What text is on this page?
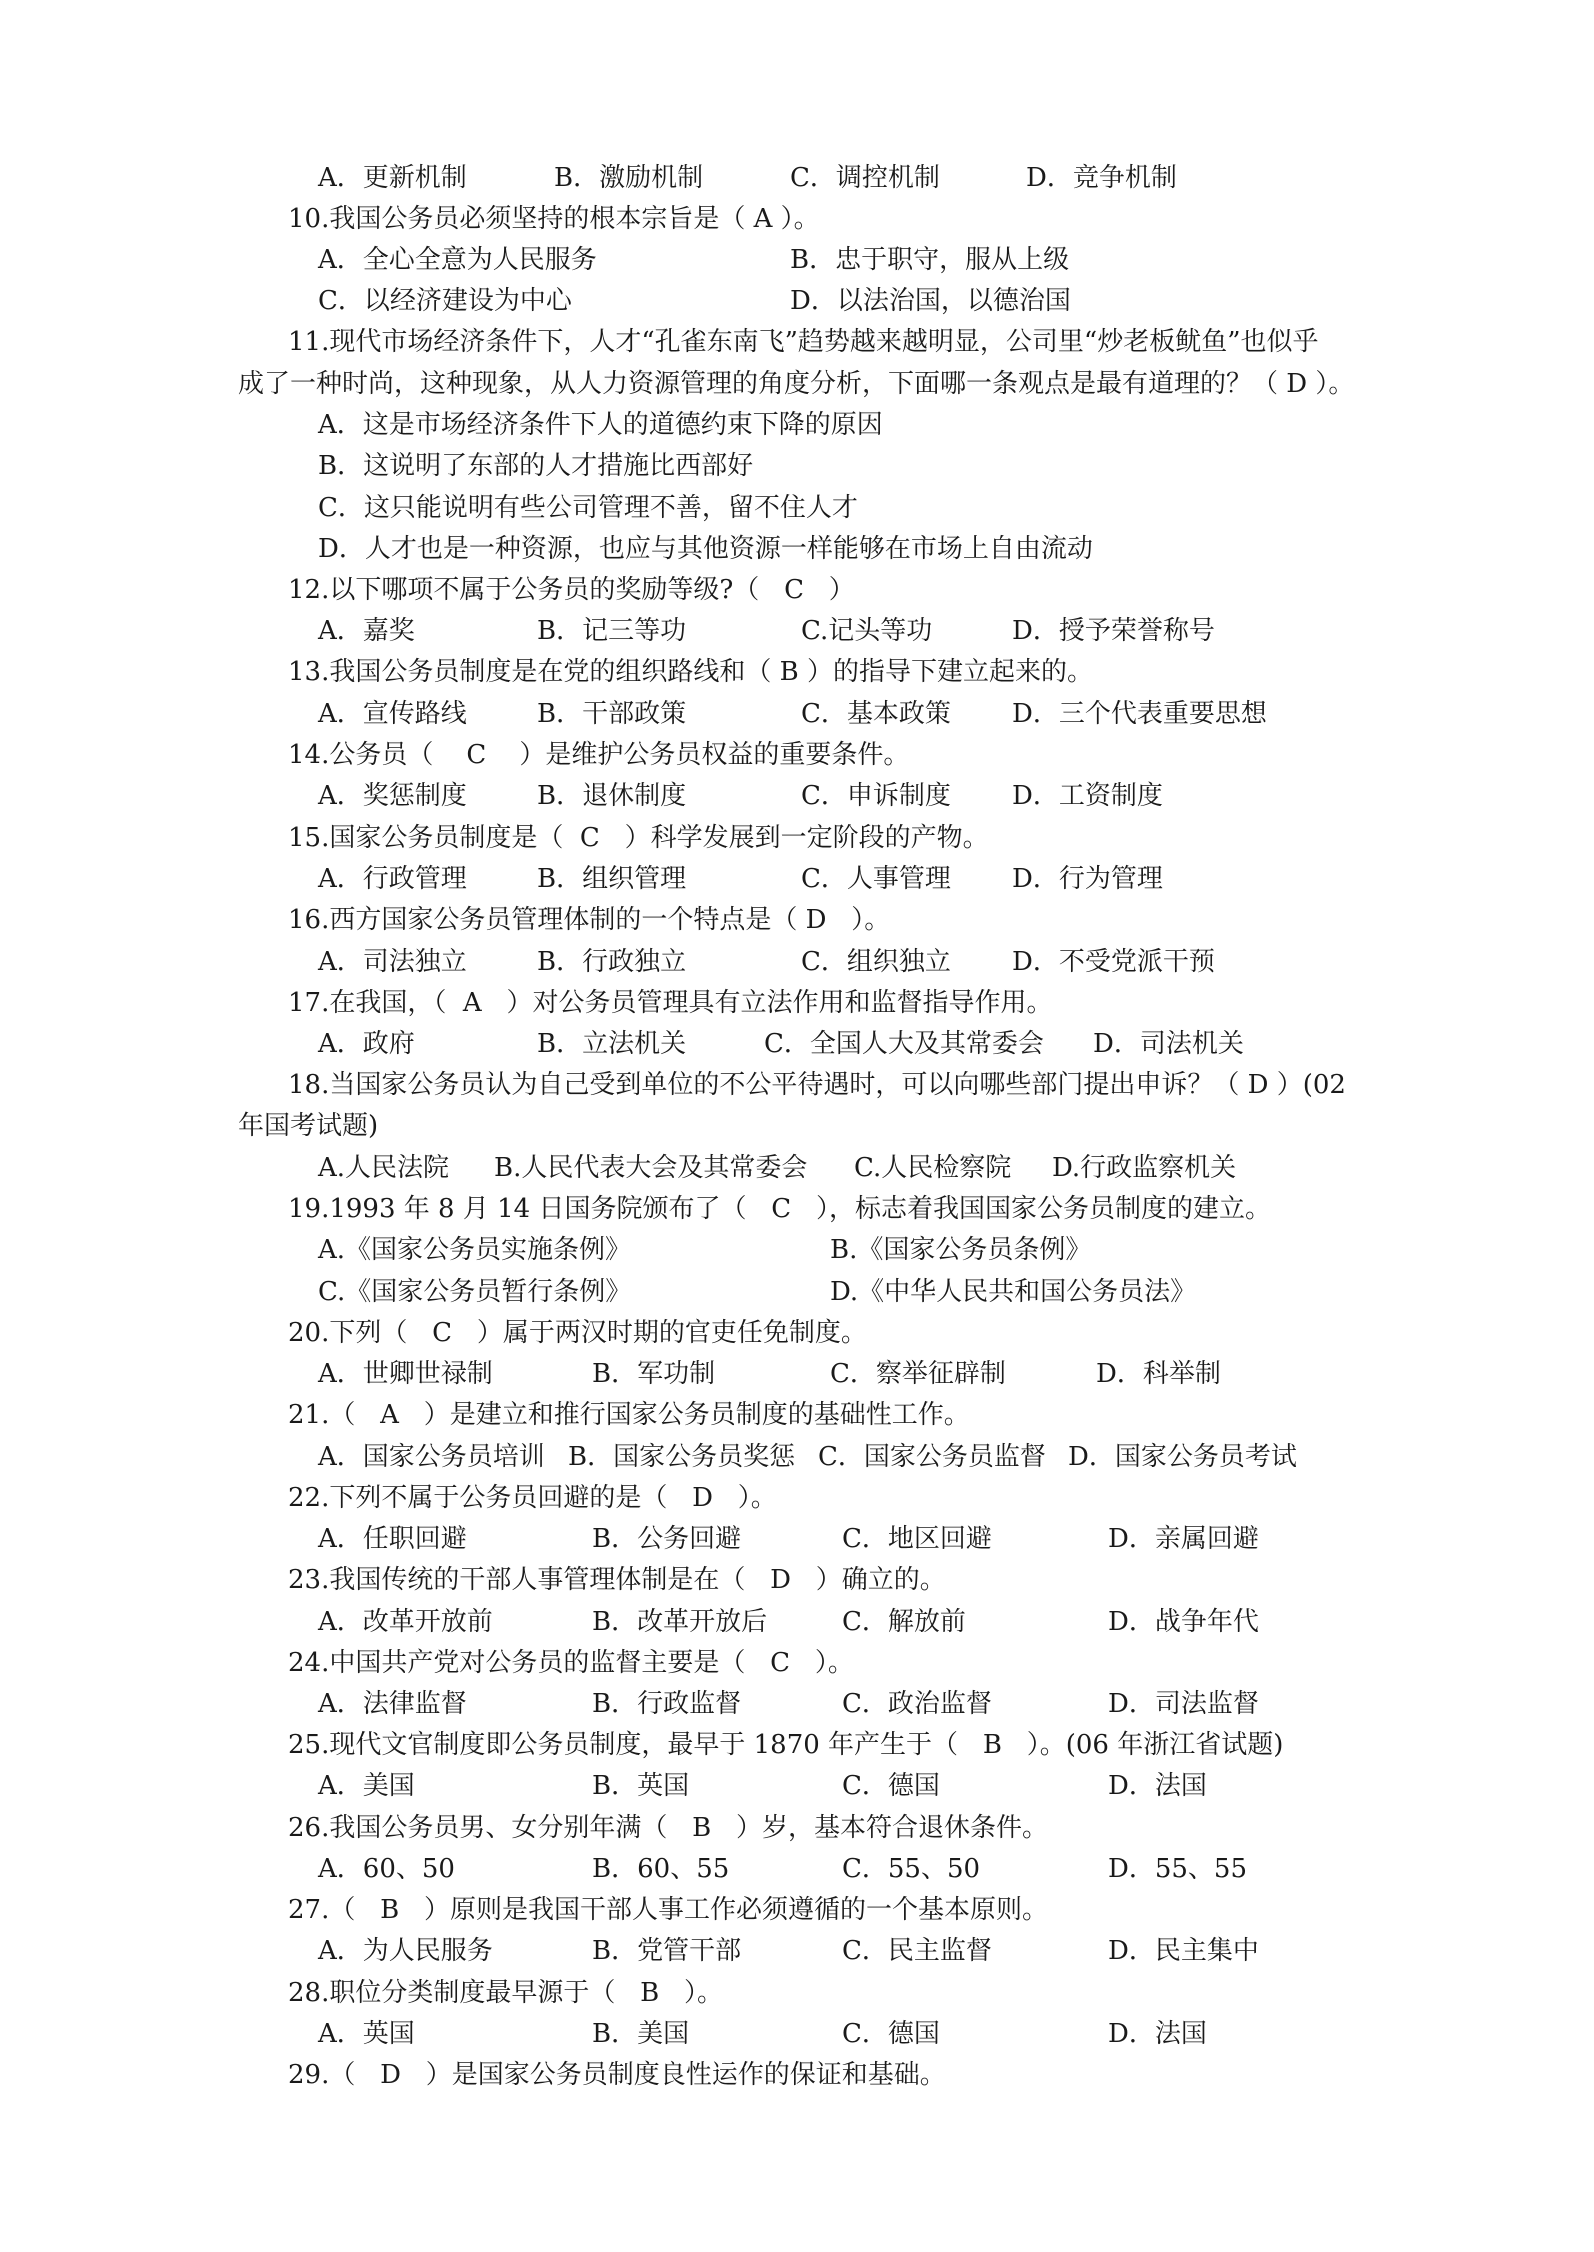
A．更新机制

	B．激励机制

	C．调控机制

	D．竞争机制

10.我国公务员必须坚持的根本宗旨是（ A ）。

A．全心全意为人民服务

	B．忠于职守，服从上级

C．以经济建设为中心

	D．以法治国，以德治国

11.现代市场经济条件下，人才“孔雀东南飞”趋势越来越明显，公司里“炒老板鱿鱼”也似乎
成了一种时尚，这种现象，从人力资源管理的角度分析，下面哪一条观点是最有道理的？（ D ）。
A．这是市场经济条件下人的道德约束下降的原因
B．这说明了东部的人才措施比西部好
C．这只能说明有些公司管理不善，留不住人才
D．人才也是一种资源，也应与其他资源一样能够在市场上自由流动
12.以下哪项不属于公务员的奖励等级?（   C   ）

A．嘉奖

	B．记三等功

	C.记头等功

	D．授予荣誉称号

13.我国公务员制度是在党的组织路线和（ B ）的指导下建立起来的。

A．宣传路线

	B．干部政策

	C．基本政策

D．三个代表重要思想

14.公务员（    C    ）是维护公务员权益的重要条件。

A．奖惩制度

	B．退休制度

	C．申诉制度

D．工资制度

15.国家公务员制度是（  C   ）科学发展到一定阶段的产物。

A．行政管理

	B．组织管理

	C．人事管理

D．行为管理

16.西方国家公务员管理体制的一个特点是（ D   ）。

A．司法独立

	B．行政独立

	C．组织独立

D．不受党派干预

17.在我国，（  A   ）对公务员管理具有立法作用和监督指导作用。

A．政府

	B．立法机关

	C．全国人大及其常委会

D．司法机关

18.当国家公务员认为自己受到单位的不公平待遇时，可以向哪些部门提出申诉？（ D ）(02
年国考试题)

A.人民法院

B.人民代表大会及其常委会

C.人民检察院

D.行政监察机关

19.1993 年 8 月 14 日国务院颁布了（   C   ），标志着我国国家公务员制度的建立。

A.《国家公务员实施条例》

	B.《国家公务员条例》

C.《国家公务员暂行条例》

	D.《中华人民共和国公务员法》

20.下列（   C   ）属于两汉时期的官吏任免制度。

A．世卿世禄制

	B．军功制

	C．察举征辟制

	D．科举制

21.（   A   ）是建立和推行国家公务员制度的基础性工作。

A．国家公务员培训

B．国家公务员奖惩

C．国家公务员监督

D．国家公务员考试

22.下列不属于公务员回避的是（   D   ）。

A．任职回避

	B．公务回避

	C．地区回避

	D．亲属回避

23.我国传统的干部人事管理体制是在（   D   ）确立的。

A．改革开放前

	B．改革开放后

	C．解放前

	D．战争年代

24.中国共产党对公务员的监督主要是（   C   ）。

A．法律监督

	B．行政监督

	C．政治监督

	D．司法监督

25.现代文官制度即公务员制度，最早于 1870 年产生于（   B   ）。(06 年浙江省试题)

A．美国

	B．英国

	C．德国

	D．法国

26.我国公务员男、女分别年满（   B   ）岁，基本符合退休条件。

A．60、50

	B．60、55

	C．55、50

	D．55、55

27.（   B   ）原则是我国干部人事工作必须遵循的一个基本原则。

A．为人民服务

	B．党管干部

	C．民主监督

	D．民主集中

28.职位分类制度最早源于（   B   ）。

A．英国

	B．美国

	C．德国

	D．法国

29.（   D   ）是国家公务员制度良性运作的保证和基础。
